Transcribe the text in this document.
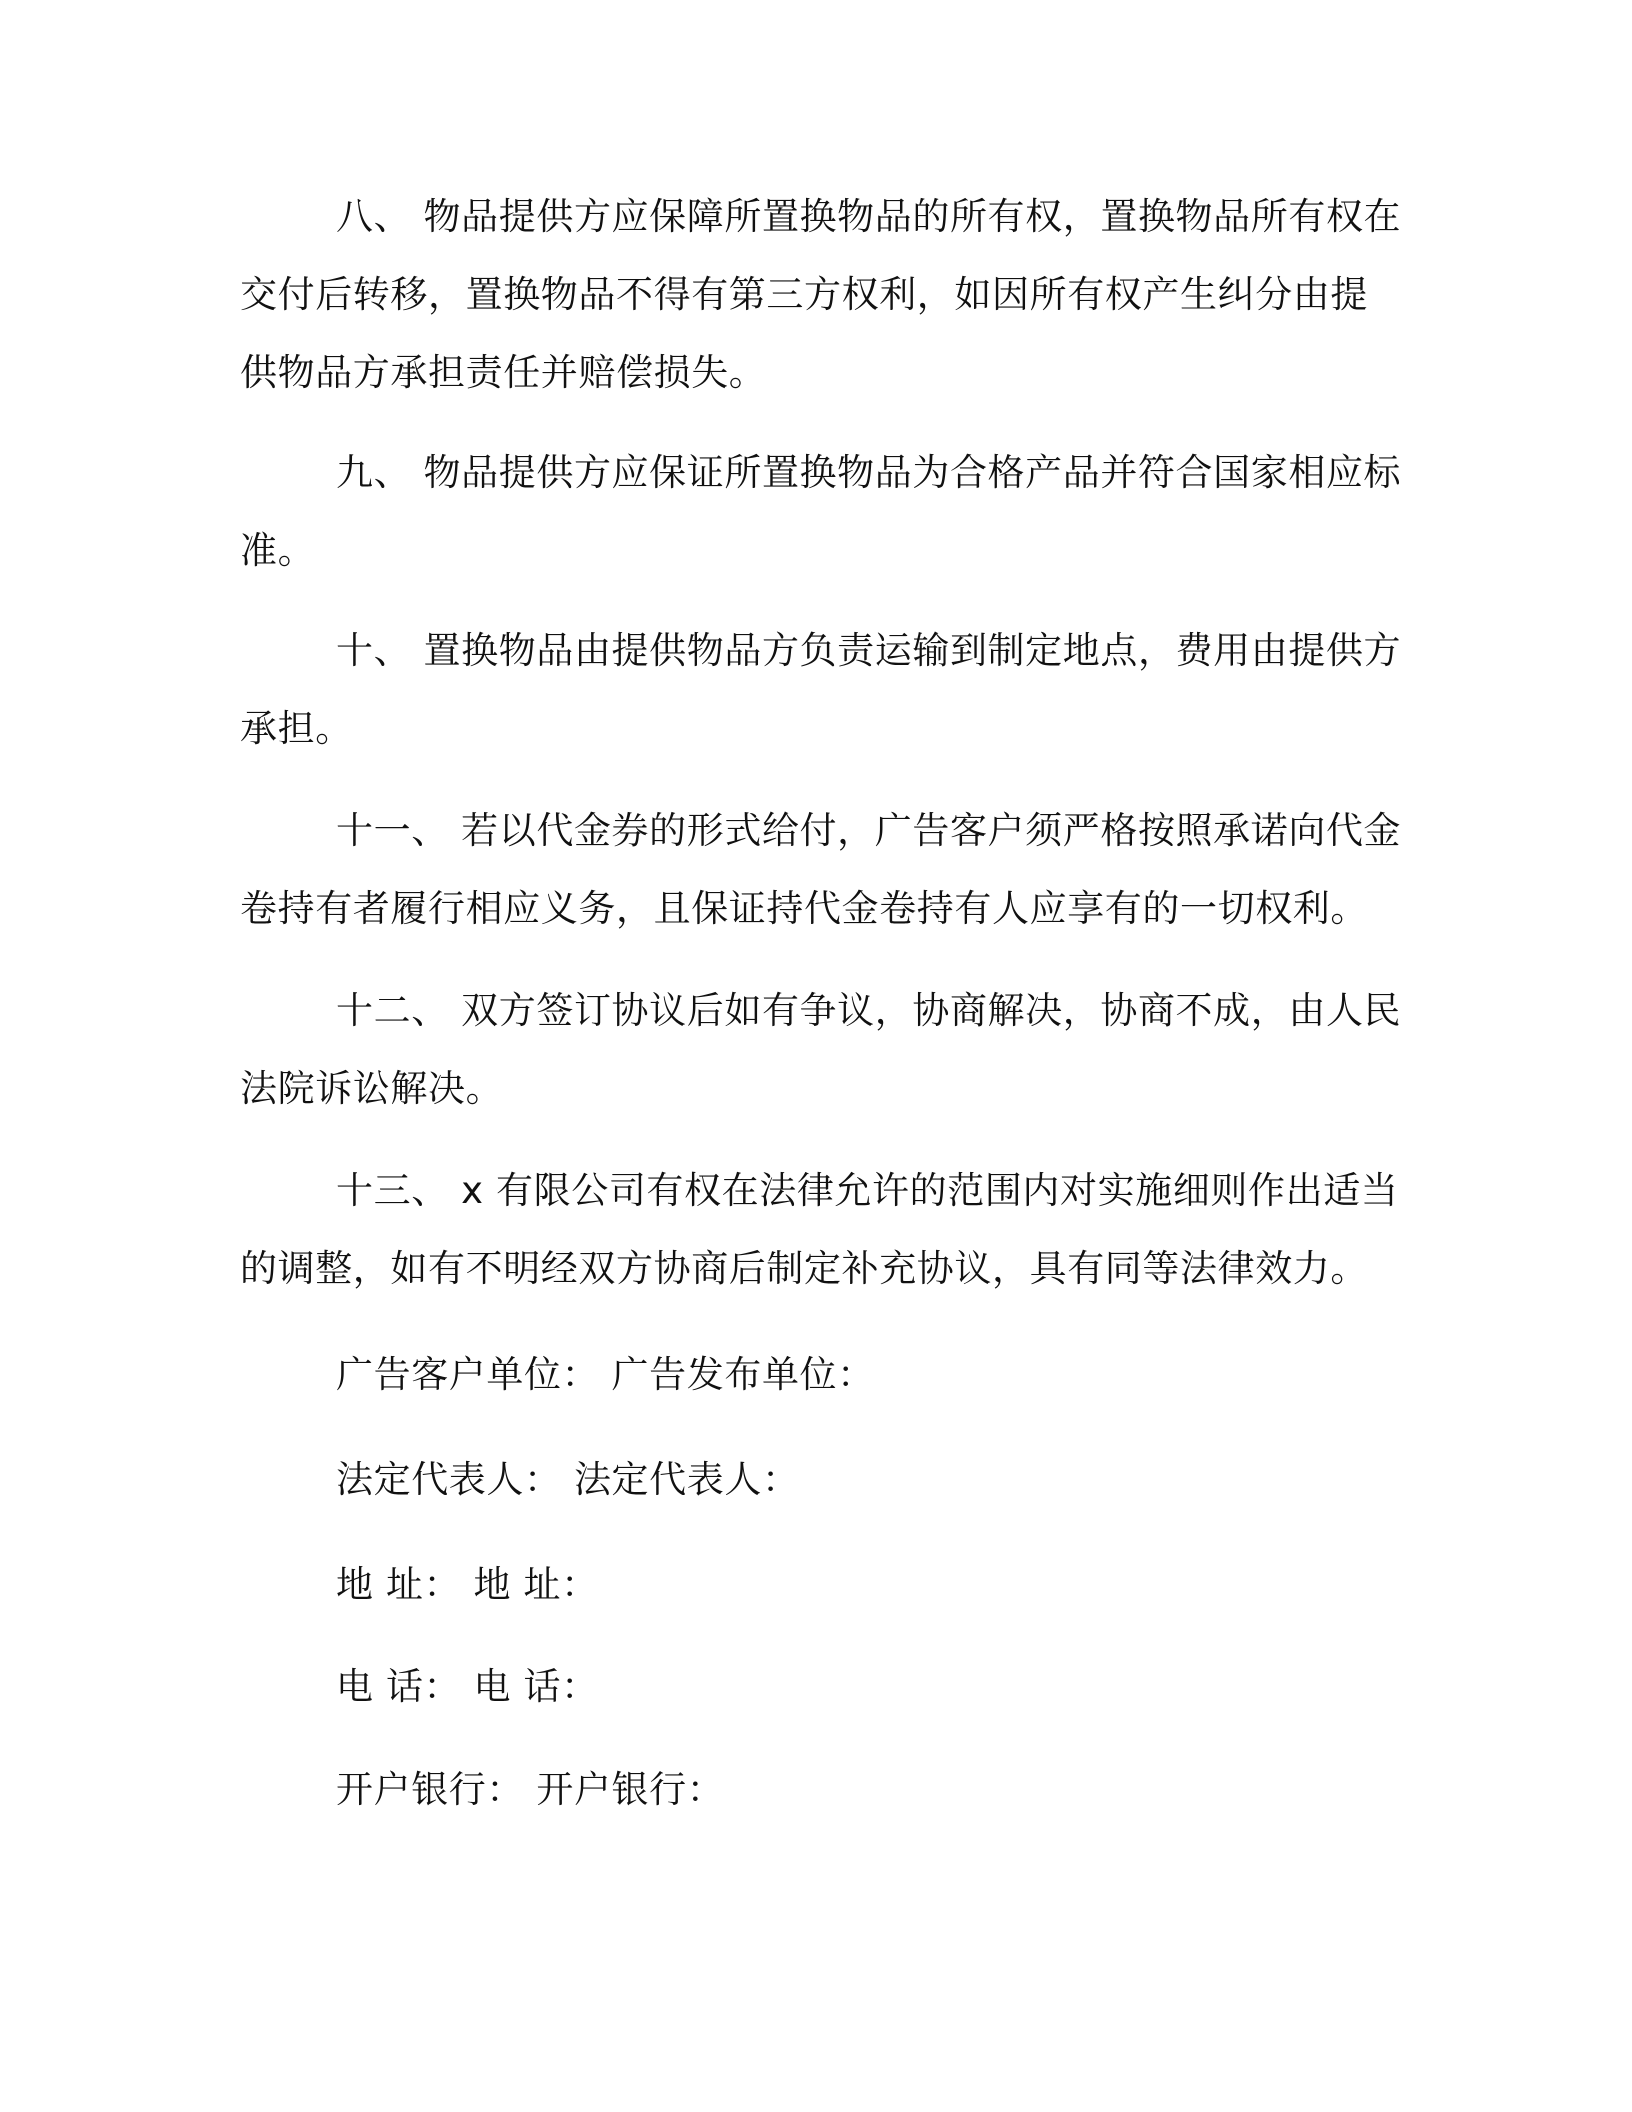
八、 物品提供方应保障所置换物品的所有权，置换物品所有权在
交付后转移，置换物品不得有第三方权利，如因所有权产生纠分由提
供物品方承担责任并赔偿损失。
九、 物品提供方应保证所置换物品为合格产品并符合国家相应标
准。
十、 置换物品由提供物品方负责运输到制定地点，费用由提供方
承担。
十一、 若以代金券的形式给付，广告客户须严格按照承诺向代金
卷持有者履行相应义务，且保证持代金卷持有人应享有的一切权利。
十二、 双方签订协议后如有争议，协商解决，协商不成，由人民
法院诉讼解决。
十三、 x 有限公司有权在法律允许的范围内对实施细则作出适当
的调整，如有不明经双方协商后制定补充协议，具有同等法律效力。
广告客户单位： 广告发布单位：
法定代表人： 法定代表人：
地 址： 地 址：
电 话： 电 话：
开户银行： 开户银行：
